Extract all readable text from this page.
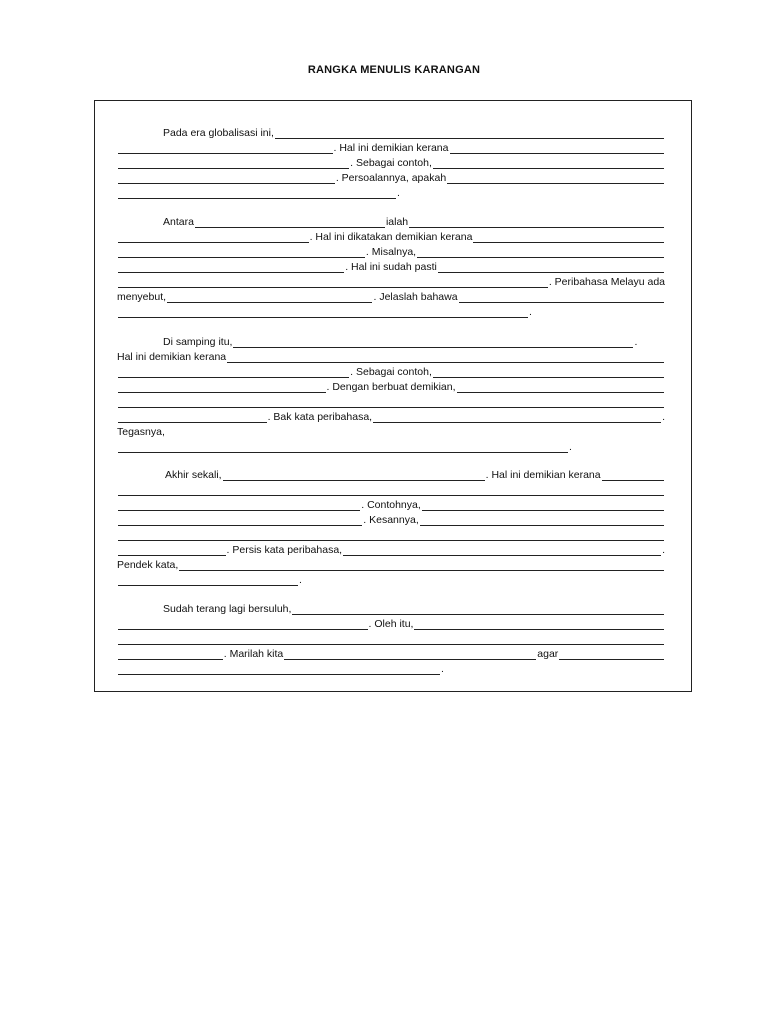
RANGKA MENULIS KARANGAN
Pada era globalisasi ini,
. Hal ini demikian kerana
. Sebagai contoh,
. Persoalannya, apakah
.
Antara	ialah
. Hal ini dikatakan demikian kerana
. Misalnya,
. Hal ini sudah pasti
. Peribahasa Melayu ada
menyebut,	. Jelaslah bahawa
.
Di samping itu,	.
Hal ini demikian kerana
. Sebagai contoh,
. Dengan berbuat demikian,
. Bak kata peribahasa,	.
Tegasnya,
.
Akhir sekali,	. Hal ini demikian kerana
. Contohnya,
. Kesannya,
. Persis kata peribahasa,	.
Pendek kata,
.
Sudah terang lagi bersuluh,
. Oleh itu,
. Marilah kita	agar
.
